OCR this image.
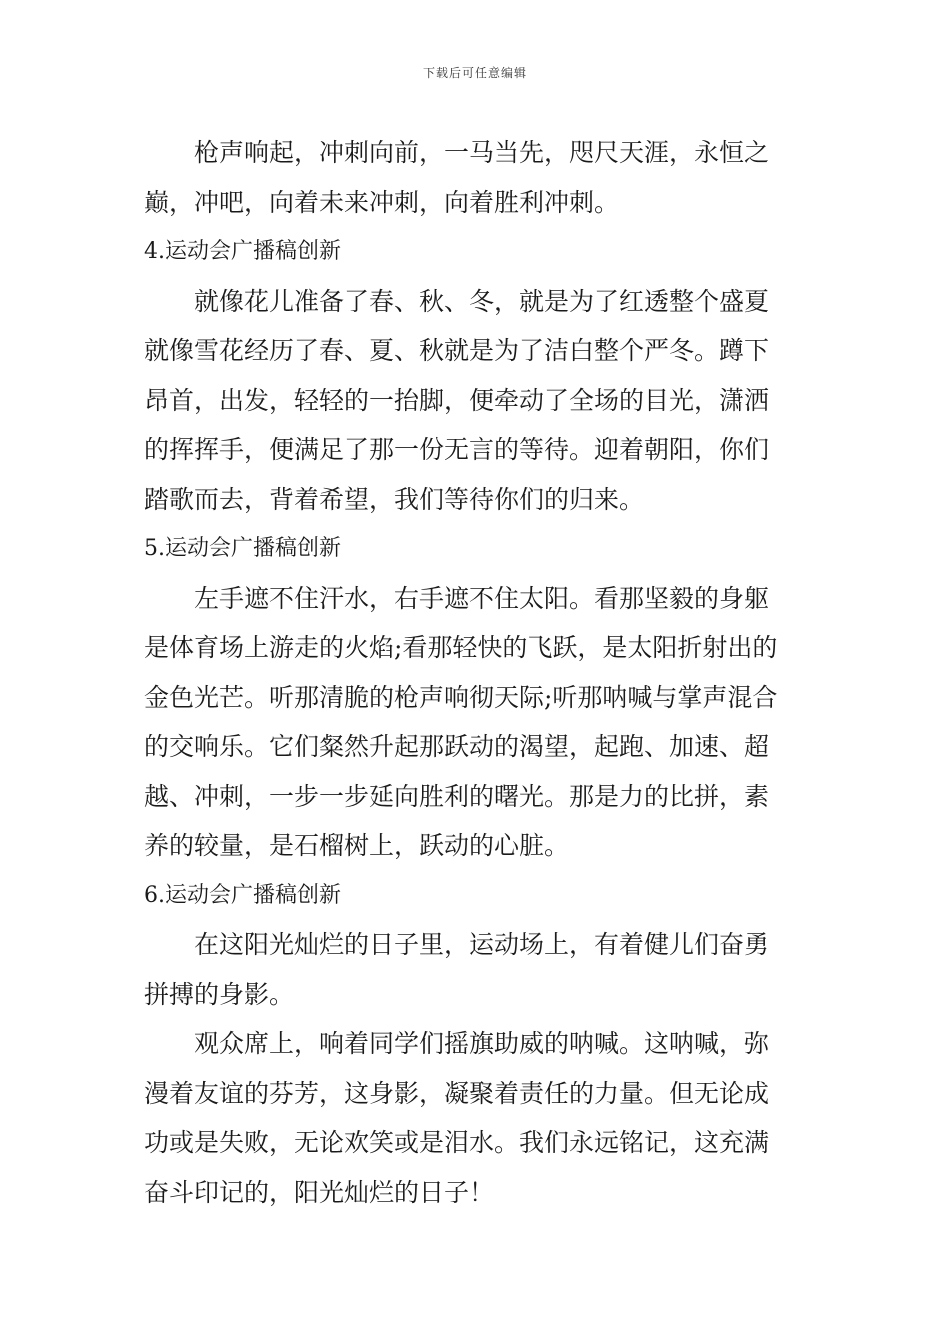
下载后可任意编辑

枪声响起，冲刺向前，一马当先，咫尺天涯，永恒之
巅，冲吧，向着未来冲刺，向着胜利冲刺。

4.运动会广播稿创新

就像花儿准备了春、秋、冬，就是为了红透整个盛夏
就像雪花经历了春、夏、秋就是为了洁白整个严冬。蹲下
昂首，出发，轻轻的一抬脚，便牵动了全场的目光，潇洒
的挥挥手，便满足了那一份无言的等待。迎着朝阳，你们
踏歌而去，背着希望，我们等待你们的归来。

5.运动会广播稿创新

左手遮不住汗水，右手遮不住太阳。看那坚毅的身躯
是体育场上游走的火焰;看那轻快的飞跃，是太阳折射出的
金色光芒。听那清脆的枪声响彻天际;听那呐喊与掌声混合
的交响乐。它们粲然升起那跃动的渴望，起跑、加速、超
越、冲刺，一步一步延向胜利的曙光。那是力的比拼，素
养的较量，是石榴树上，跃动的心脏。

6.运动会广播稿创新

在这阳光灿烂的日子里，运动场上，有着健儿们奋勇
拼搏的身影。

观众席上，响着同学们摇旗助威的呐喊。这呐喊，弥
漫着友谊的芬芳，这身影，凝聚着责任的力量。但无论成
功或是失败，无论欢笑或是泪水。我们永远铭记，这充满
奋斗印记的，阳光灿烂的日子！
